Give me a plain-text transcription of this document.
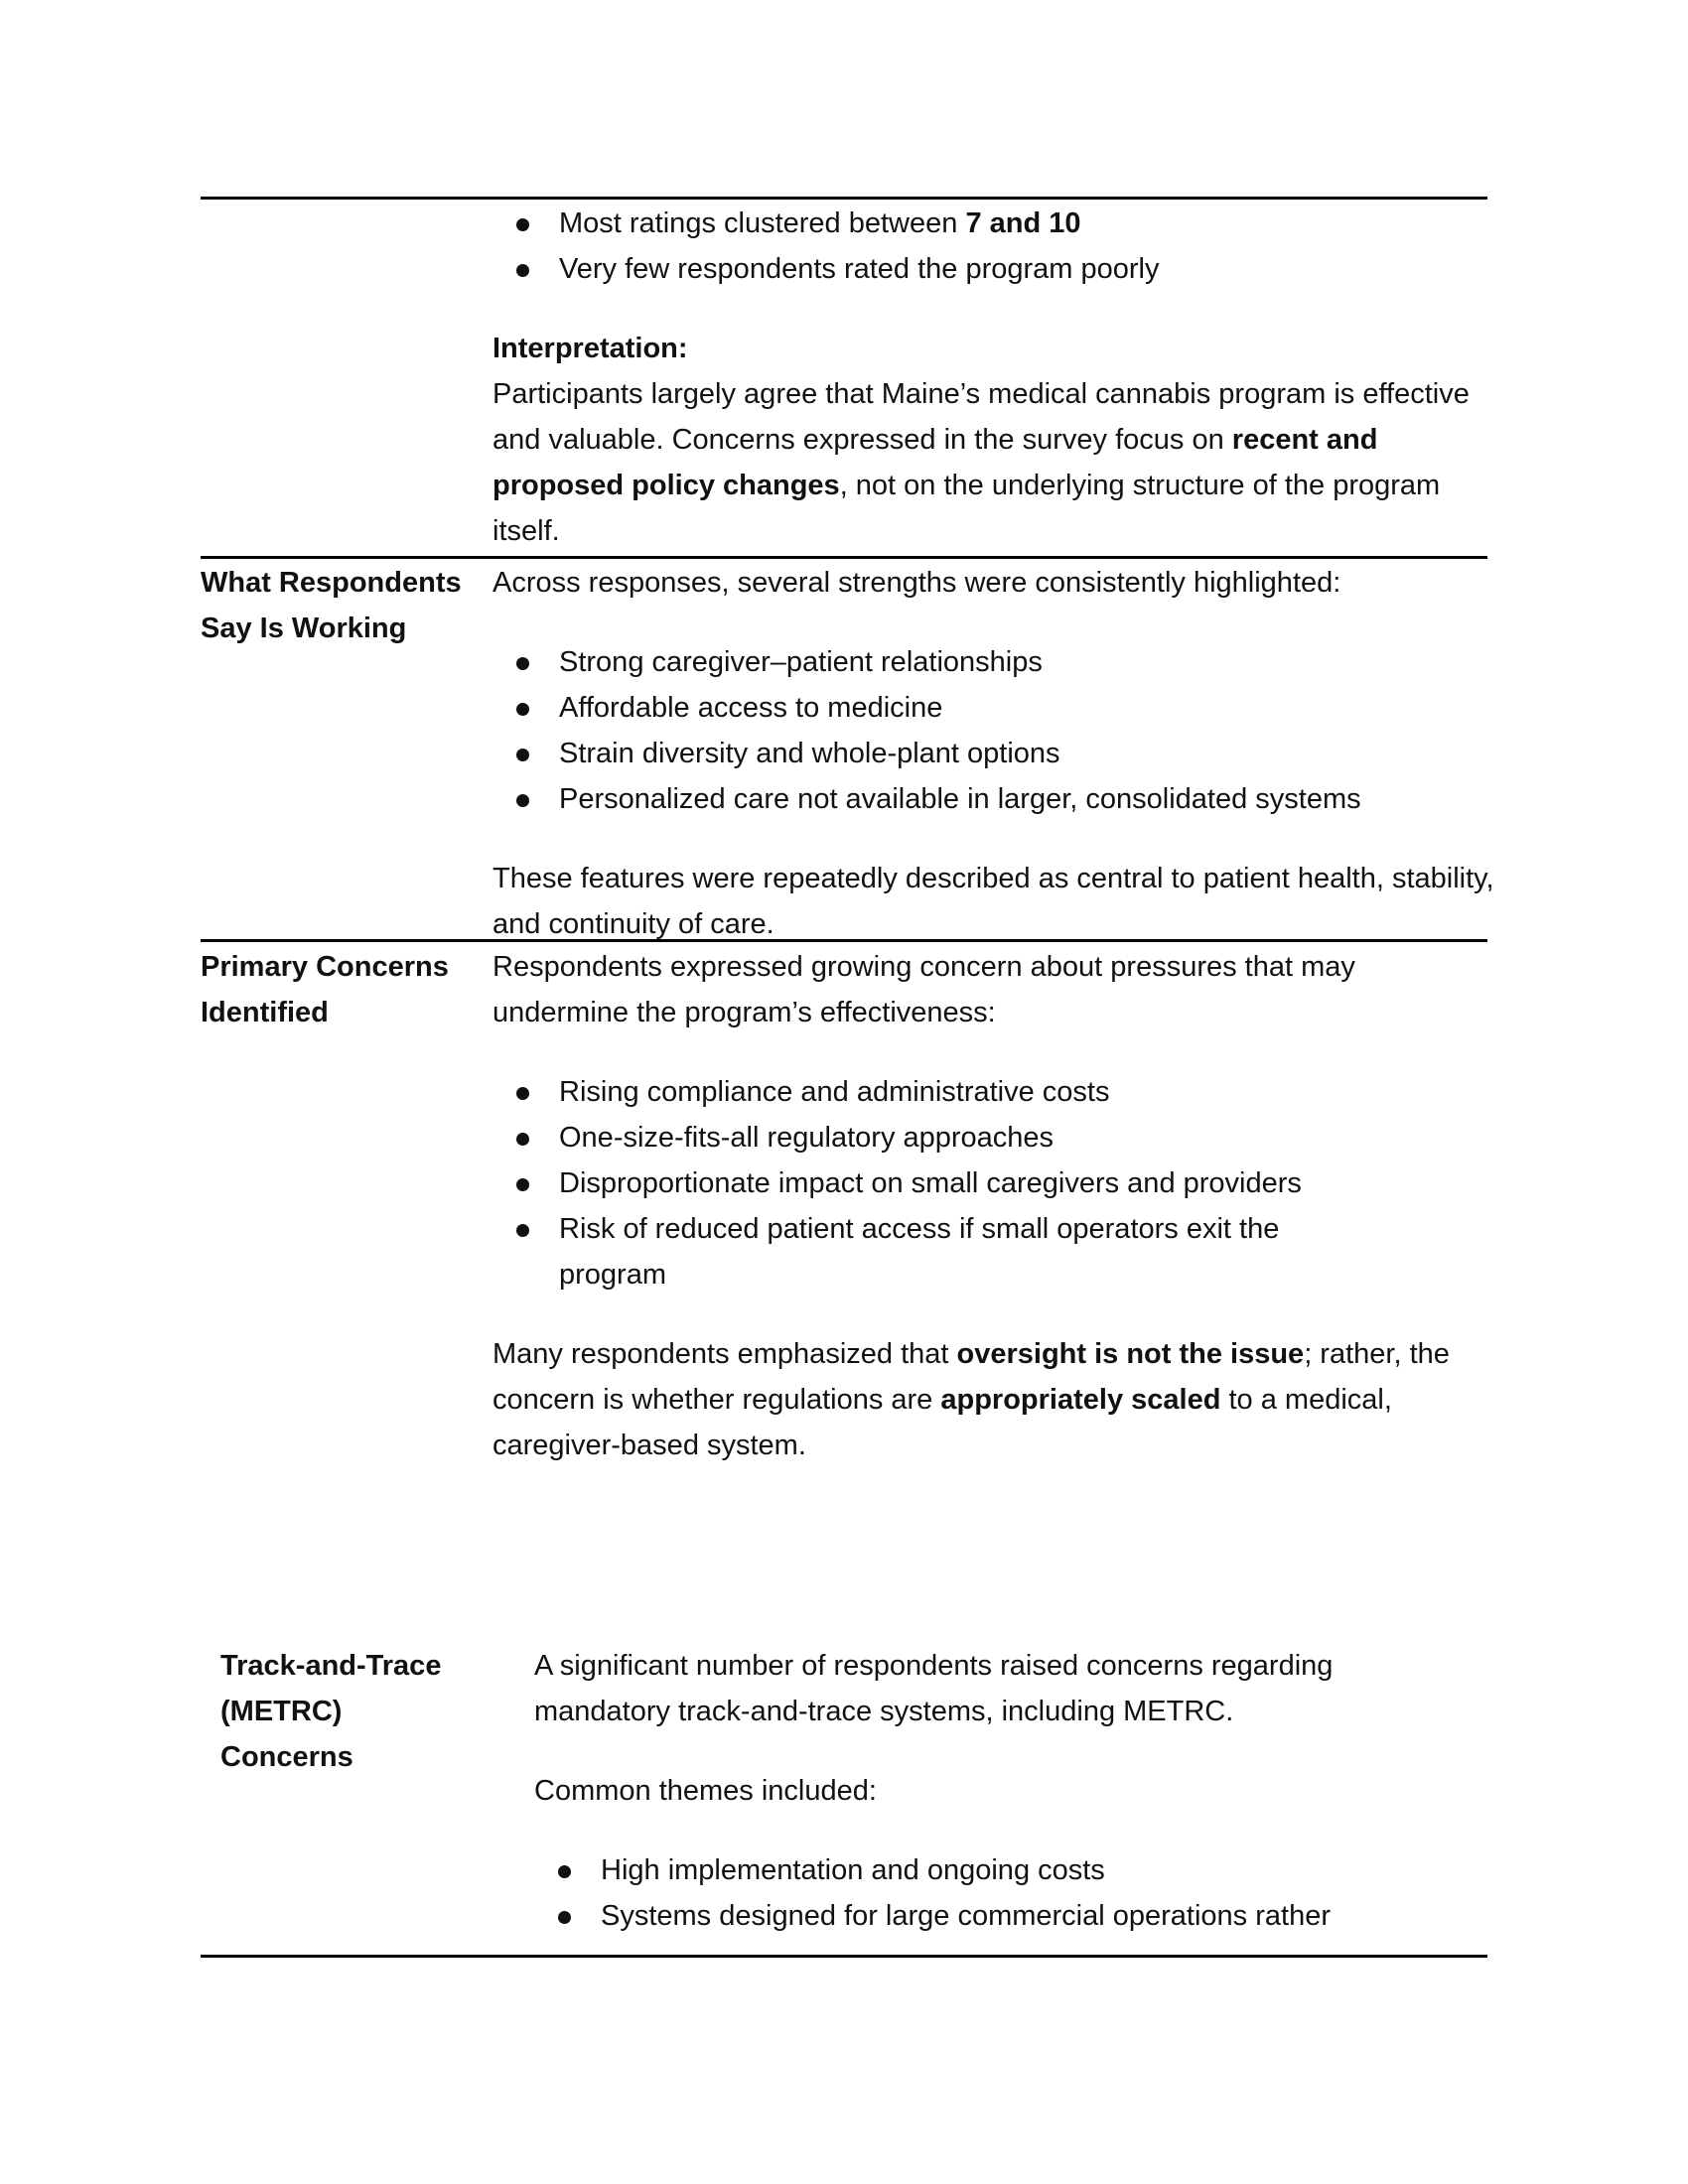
Most ratings clustered between 7 and 10
Very few respondents rated the program poorly

Interpretation:

Participants largely agree that Maine’s medical cannabis program is effective and valuable. Concerns expressed in the survey focus on recent and proposed policy changes, not on the underlying structure of the program itself.

What Respondents Say Is Working

Across responses, several strengths were consistently highlighted:

Strong caregiver–patient relationships
Affordable access to medicine
Strain diversity and whole-plant options
Personalized care not available in larger, consolidated systems

These features were repeatedly described as central to patient health, stability, and continuity of care.

Primary Concerns Identified

Respondents expressed growing concern about pressures that may undermine the program’s effectiveness:

Rising compliance and administrative costs
One-size-fits-all regulatory approaches
Disproportionate impact on small caregivers and providers
Risk of reduced patient access if small operators exit the program

Many respondents emphasized that oversight is not the issue; rather, the concern is whether regulations are appropriately scaled to a medical, caregiver-based system.

Track-and-Trace (METRC) Concerns

A significant number of respondents raised concerns regarding mandatory track-and-trace systems, including METRC.

Common themes included:

High implementation and ongoing costs
Systems designed for large commercial operations rather
